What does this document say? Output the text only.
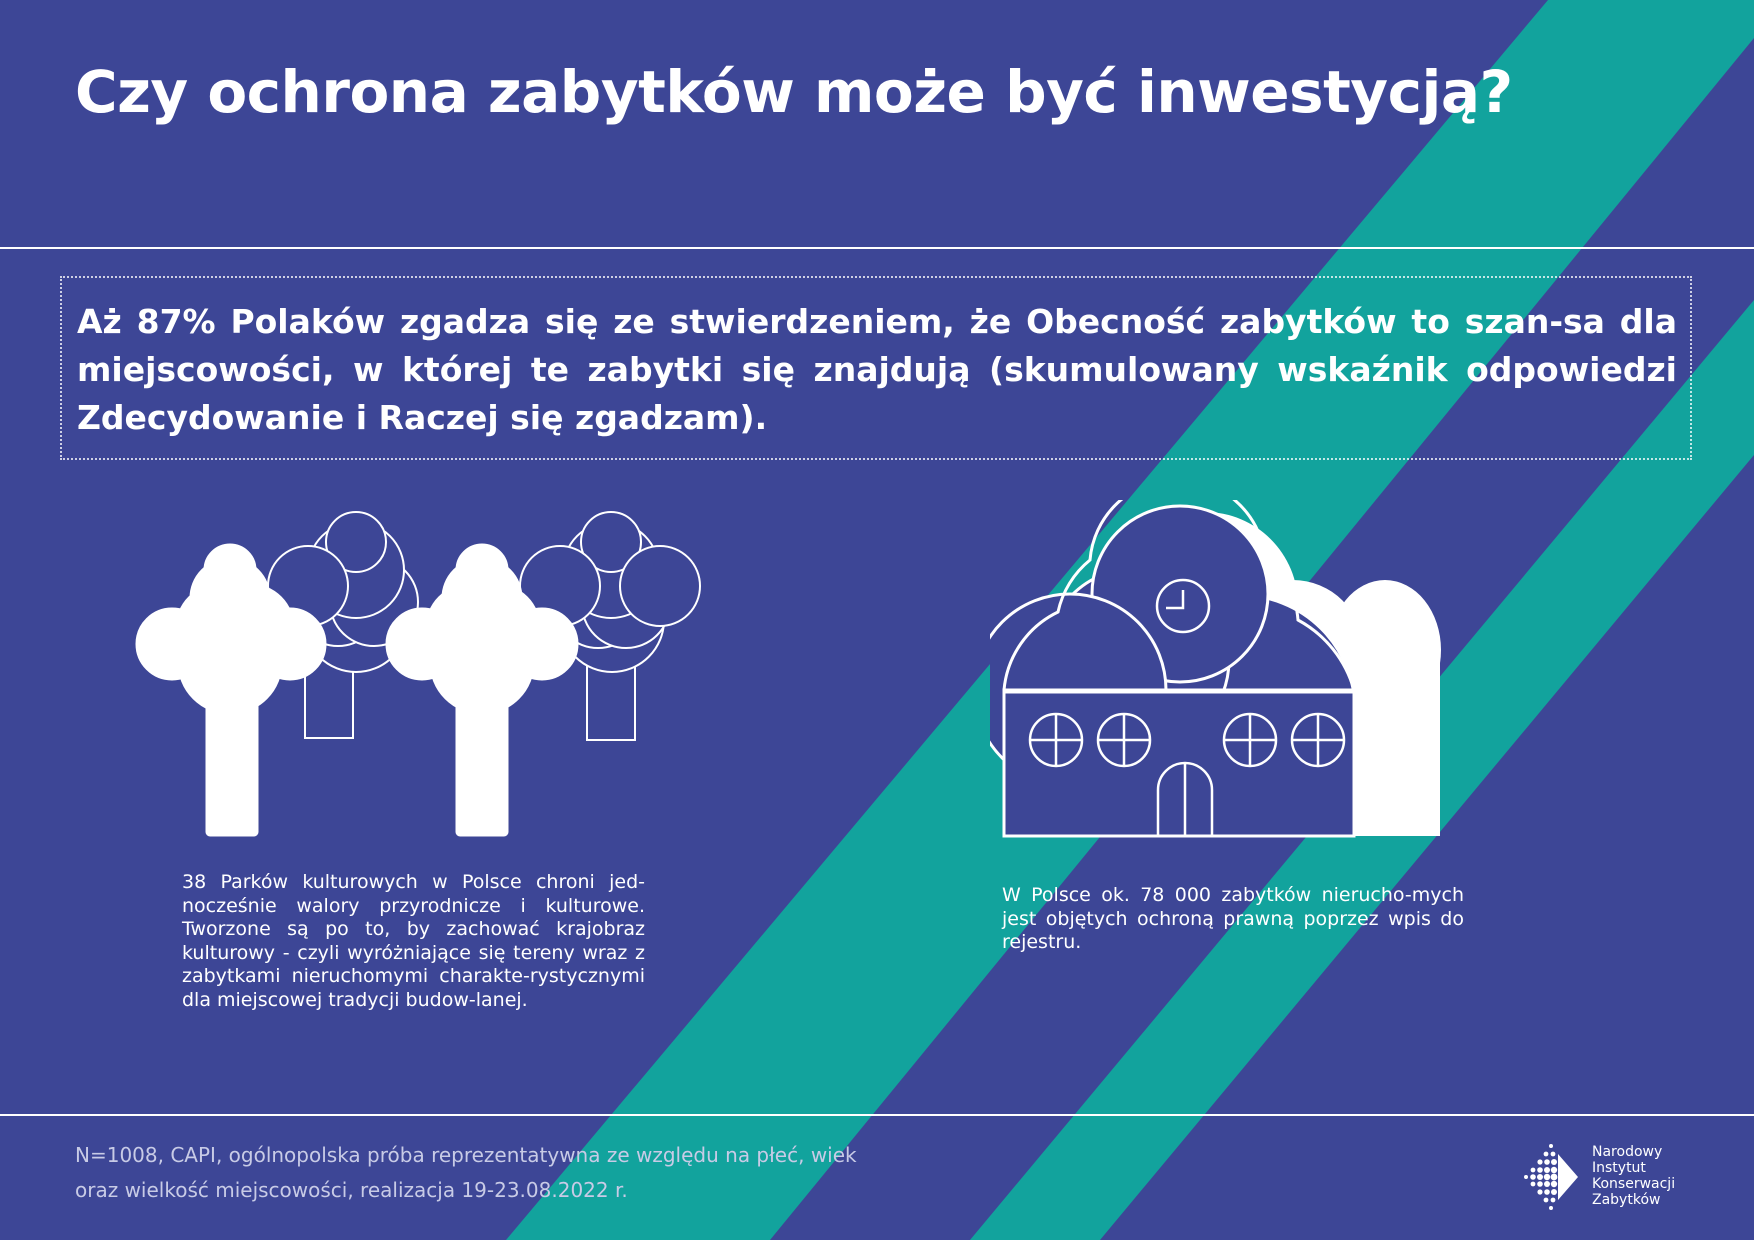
Czy ochrona zabytków może być inwestycją?

Aż 87% Polaków zgadza się ze stwierdzeniem, że Obecność zabytków to szan-sa dla miejscowości, w której te zabytki się znajdują (skumulowany wskaźnik odpowiedzi Zdecydowanie i Raczej się zgadzam).

38 Parków kulturowych w Polsce chroni jed-nocześnie walory przyrodnicze i kulturowe. Tworzone są po to, by zachować krajobraz kulturowy - czyli wyróżniające się tereny wraz z zabytkami nieruchomymi charakte-rystycznymi dla miejscowej tradycji budow-lanej.

W Polsce ok. 78 000 zabytków nierucho-mych jest objętych ochroną prawną poprzez wpis do rejestru.

N=1008, CAPI, ogólnopolska próba reprezentatywna ze względu na płeć, wiek
oraz wielkość miejscowości, realizacja 19-23.08.2022 r.

Narodowy
Instytut
Konserwacji
Zabytków
